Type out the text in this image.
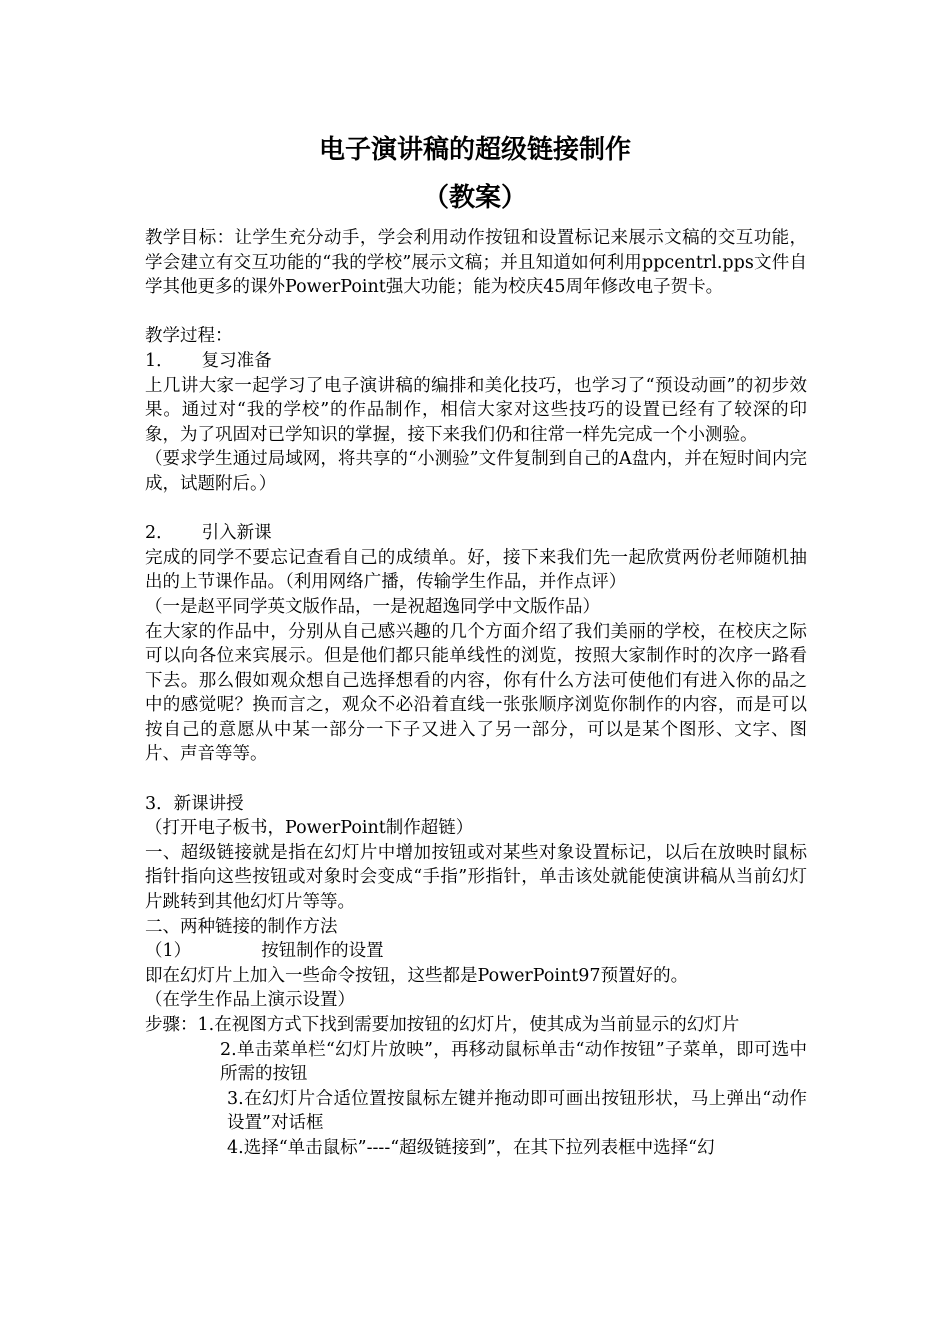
电子演讲稿的超级链接制作
（教案）

教学目标：让学生充分动手，学会利用动作按钮和设置标记来展示文稿的交互功能，学会建立有交互功能的“我的学校”展示文稿；并且知道如何利用ppcentrl.pps文件自学其他更多的课外PowerPoint强大功能；能为校庆45周年修改电子贺卡。

教学过程：

1． 复习准备

上几讲大家一起学习了电子演讲稿的编排和美化技巧，也学习了“预设动画”的初步效果。通过对“我的学校”的作品制作，相信大家对这些技巧的设置已经有了较深的印象，为了巩固对已学知识的掌握，接下来我们仍和往常一样先完成一个小测验。

（要求学生通过局域网，将共享的“小测验”文件复制到自己的A盘内，并在短时间内完成，试题附后。）

2． 引入新课

完成的同学不要忘记查看自己的成绩单。好，接下来我们先一起欣赏两份老师随机抽出的上节课作品。（利用网络广播，传输学生作品，并作点评）

（一是赵平同学英文版作品，一是祝超逸同学中文版作品）

在大家的作品中，分别从自己感兴趣的几个方面介绍了我们美丽的学校，在校庆之际可以向各位来宾展示。但是他们都只能单线性的浏览，按照大家制作时的次序一路看下去。那么假如观众想自己选择想看的内容，你有什么方法可使他们有进入你的品之中的感觉呢？换而言之，观众不必沿着直线一张张顺序浏览你制作的内容，而是可以按自己的意愿从中某一部分一下子又进入了另一部分，可以是某个图形、文字、图片、声音等等。

3．新课讲授

（打开电子板书，PowerPoint制作超链）

一、超级链接就是指在幻灯片中增加按钮或对某些对象设置标记，以后在放映时鼠标指针指向这些按钮或对象时会变成“手指”形指针，单击该处就能使演讲稿从当前幻灯片跳转到其他幻灯片等等。

二、两种链接的制作方法

（1）	按钮制作的设置

即在幻灯片上加入一些命令按钮，这些都是PowerPoint97预置好的。

（在学生作品上演示设置）

步骤：1.在视图方式下找到需要加按钮的幻灯片，使其成为当前显示的幻灯片

2.单击菜单栏“幻灯片放映”，再移动鼠标单击“动作按钮”子菜单，即可选中所需的按钮

3.在幻灯片合适位置按鼠标左键并拖动即可画出按钮形状，马上弹出“动作设置”对话框

4.选择“单击鼠标”----“超级链接到”，在其下拉列表框中选择“幻
